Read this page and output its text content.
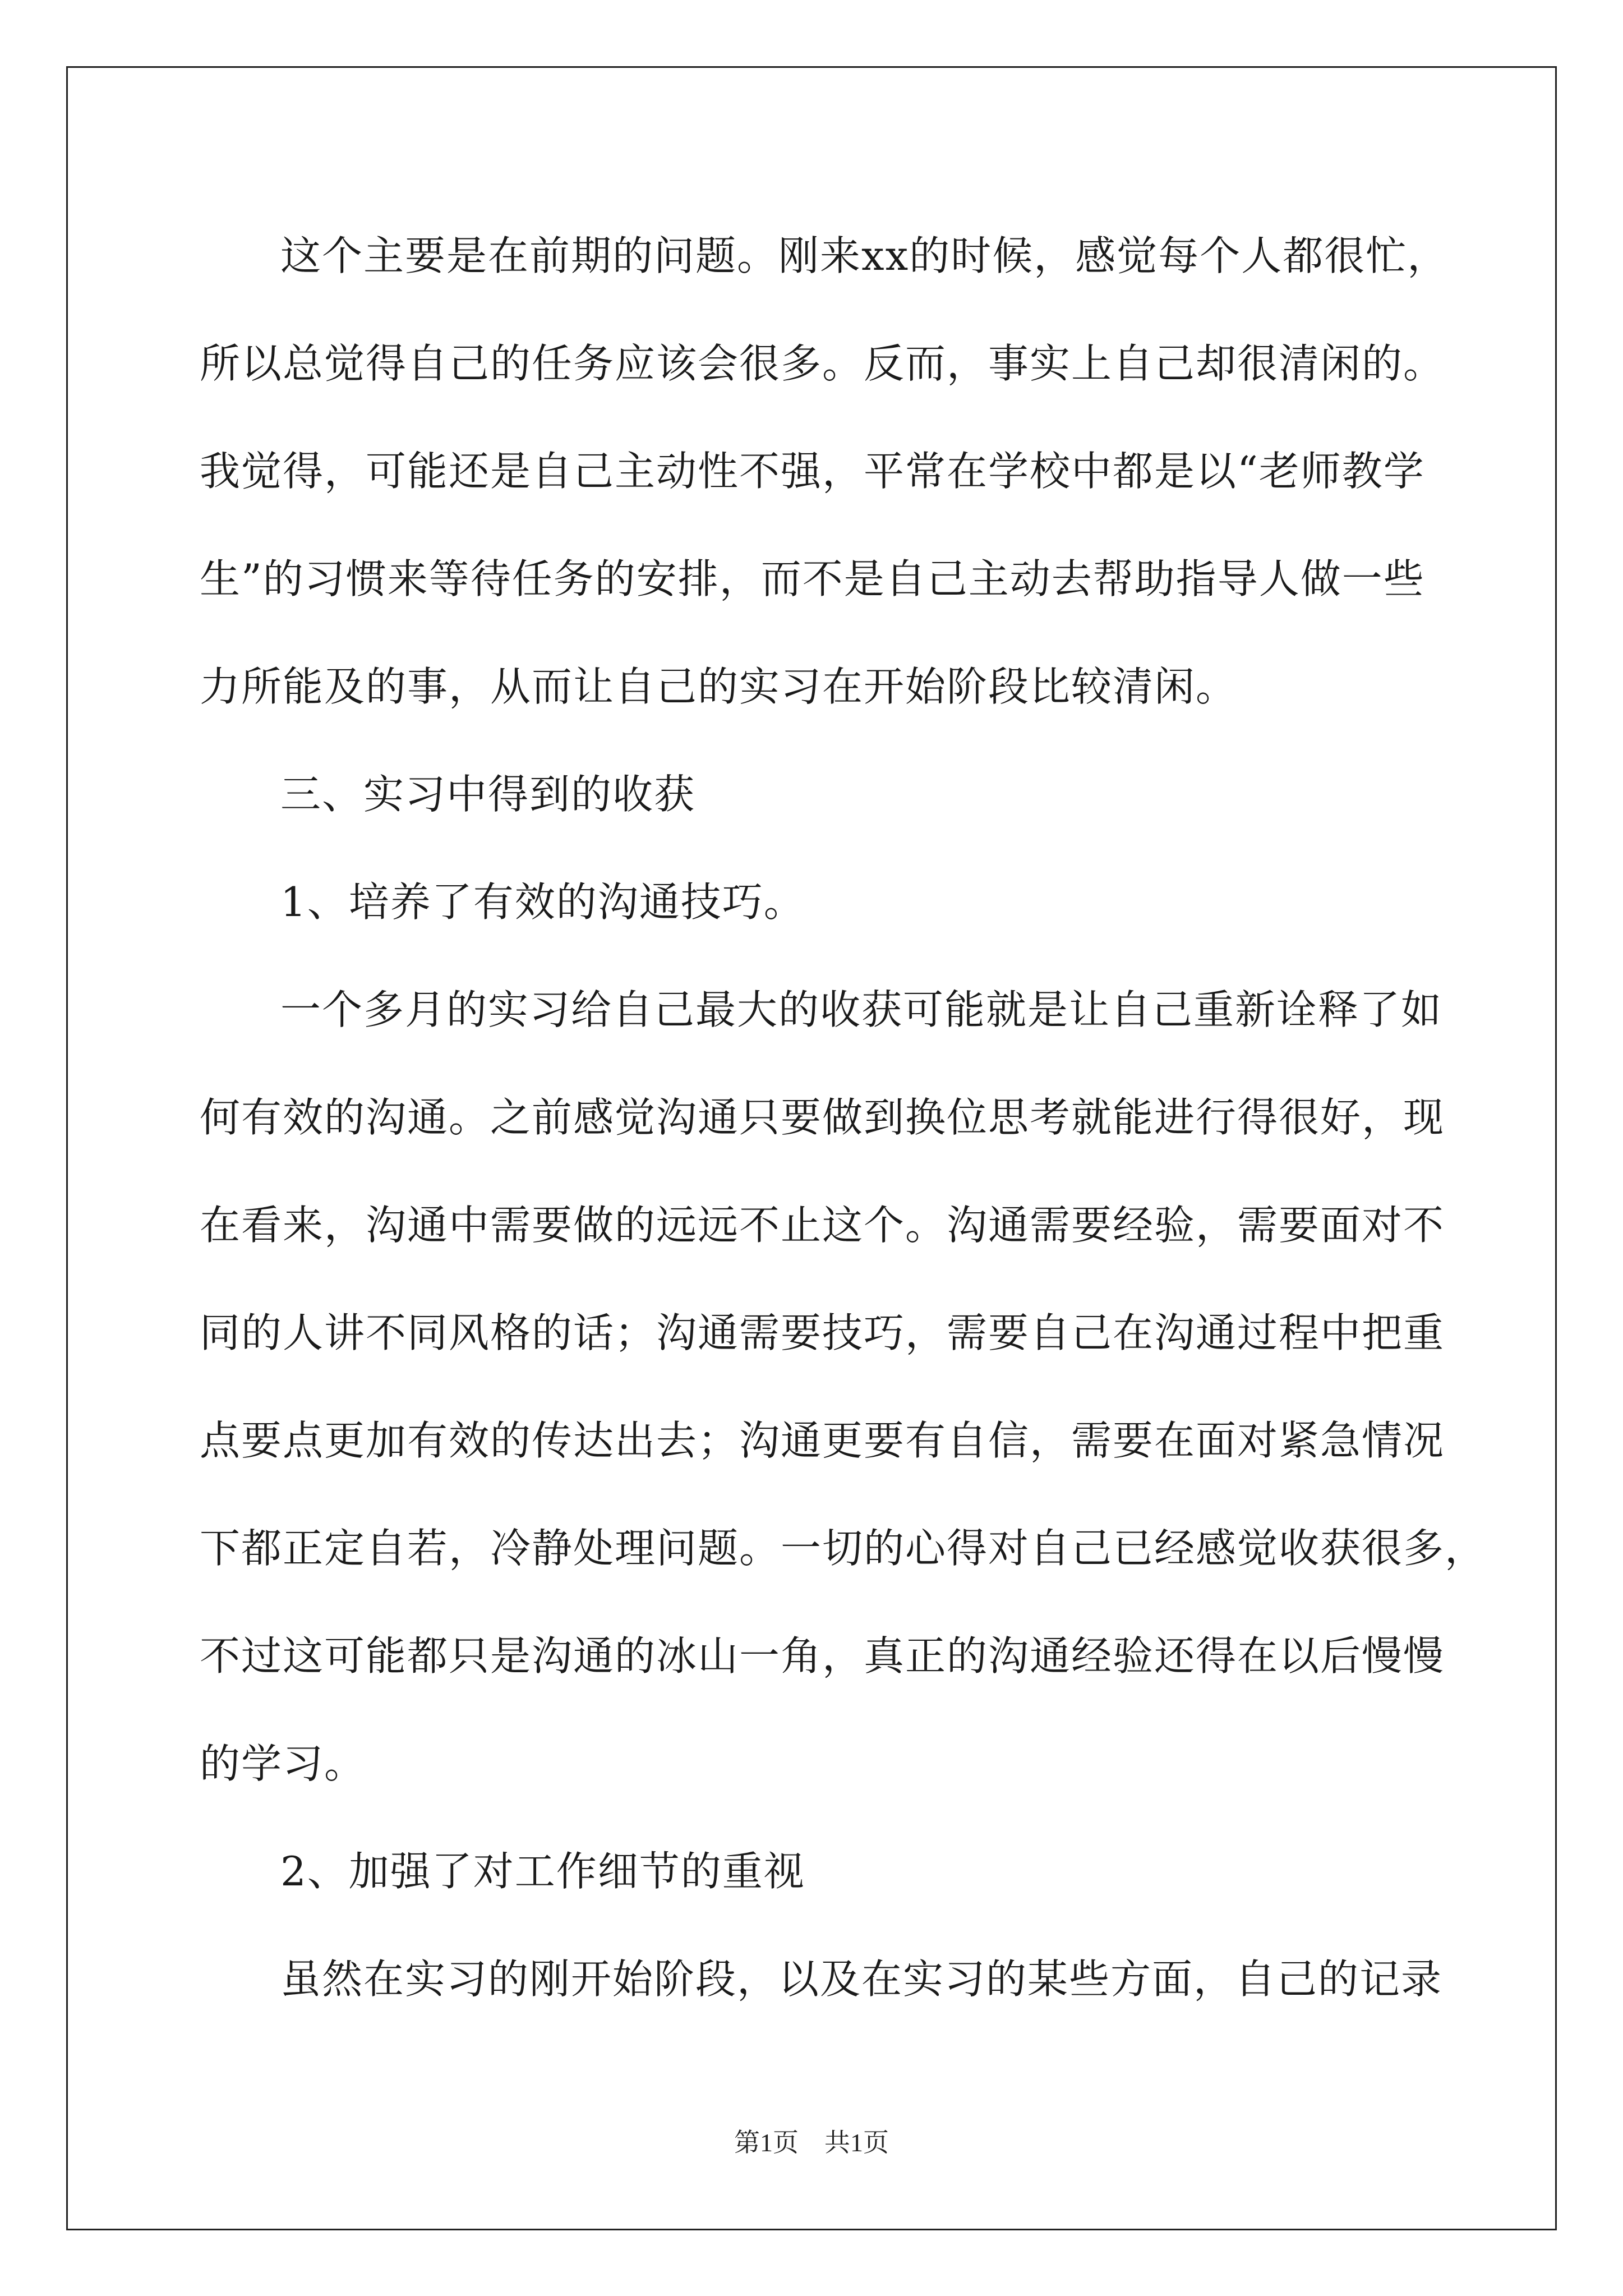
这个主要是在前期的问题。刚来xx的时候，感觉每个人都很忙，
所以总觉得自己的任务应该会很多。反而，事实上自己却很清闲的。
我觉得，可能还是自己主动性不强，平常在学校中都是以“老师教学
生”的习惯来等待任务的安排，而不是自己主动去帮助指导人做一些
力所能及的事，从而让自己的实习在开始阶段比较清闲。
三、实习中得到的收获
1、培养了有效的沟通技巧。
一个多月的实习给自己最大的收获可能就是让自己重新诠释了如
何有效的沟通。之前感觉沟通只要做到换位思考就能进行得很好，现
在看来，沟通中需要做的远远不止这个。沟通需要经验，需要面对不
同的人讲不同风格的话；沟通需要技巧，需要自己在沟通过程中把重
点要点更加有效的传达出去；沟通更要有自信，需要在面对紧急情况
下都正定自若，冷静处理问题。一切的心得对自己已经感觉收获很多，
不过这可能都只是沟通的冰山一角，真正的沟通经验还得在以后慢慢
的学习。
2、加强了对工作细节的重视
虽然在实习的刚开始阶段，以及在实习的某些方面，自己的记录
第1页 共1页
